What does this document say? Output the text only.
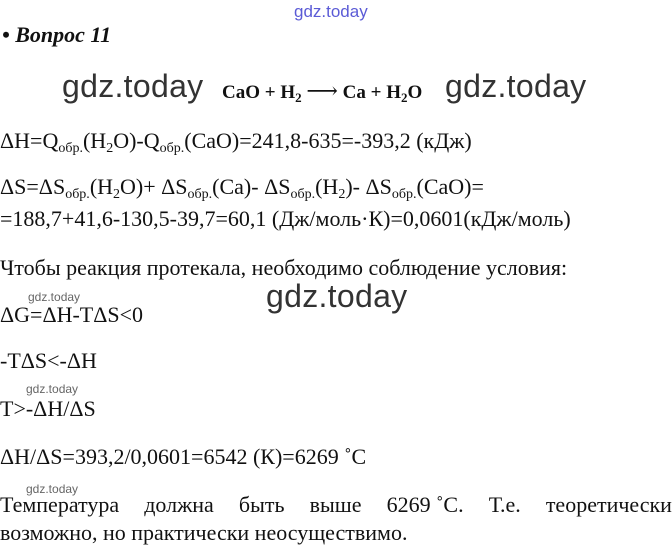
gdz.today
• Вопрос 11
gdz.today CaO + $H_2$ ⟶ $Ca + H_2O$ gdz.today
$\Delta H=Q_{обр.}(H_2O)-Q_{обр.}(CaO)=241,8-635=-393,2$ (кДж)
$\Delta S=\Delta S_{обр.}(H_2O)+ \Delta S_{обр.}(Ca)-$ $\Delta S_{обр.}(H_2)-$ $\Delta S_{обр.}(CaO)=$
=188,7+41,6-130,5-39,7=60,1 (Дж/моль·К)=0,0601(кДж/моль)
Чтобы реакция протекала, необходимо соблюдение условия:
gdz.today
gdz.today
ΔG=ΔH-TΔS<0
-TΔS<-ΔH
gdz.today
T>-ΔH/ΔS
ΔH/ΔS=393,2/0,0601=6542 (К)=6269 ˚С
gdz.today
Температура должна быть выше 6269 ˚С. Т.е. теоретически
возможно, но практически неосуществимо.
